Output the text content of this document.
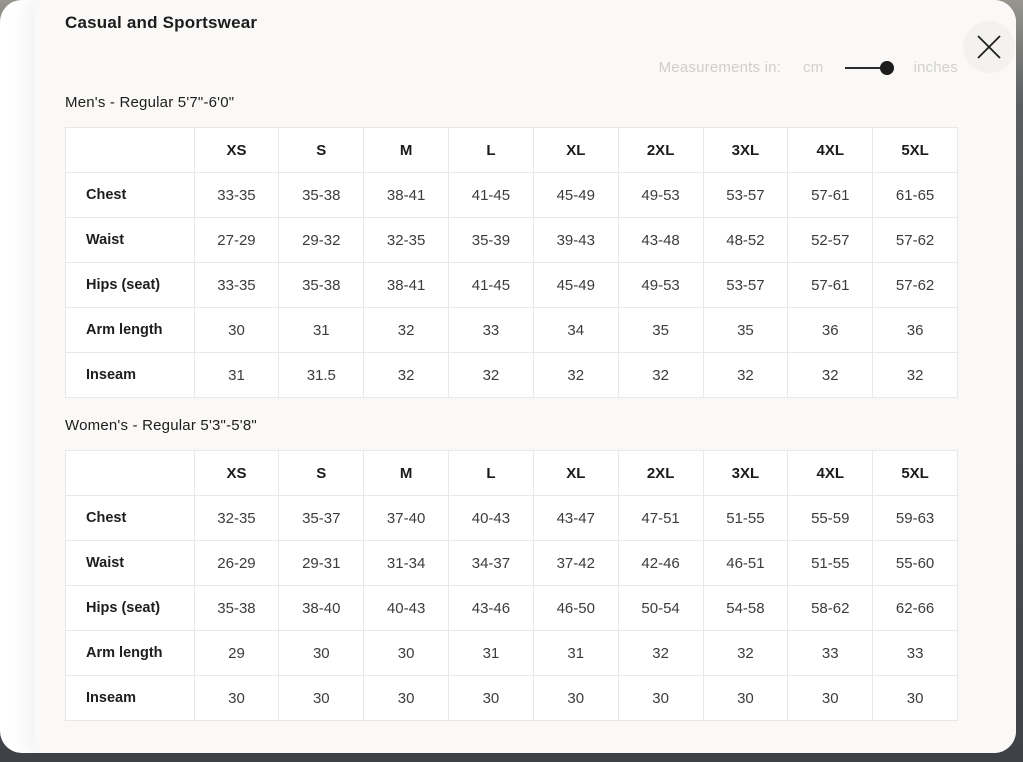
Casual and Sportswear
Measurements in: cm	inches
Men's - Regular 5'7"-6'0"
	XS	S	M	L	XL	2XL	3XL	4XL	5XL
Chest	33-35	35-38	38-41	41-45	45-49	49-53	53-57	57-61	61-65
Waist	27-29	29-32	32-35	35-39	39-43	43-48	48-52	52-57	57-62
Hips (seat)	33-35	35-38	38-41	41-45	45-49	49-53	53-57	57-61	57-62
Arm length	30	31	32	33	34	35	35	36	36
Inseam	31	31.5	32	32	32	32	32	32	32
Women's - Regular 5'3"-5'8"
	XS	S	M	L	XL	2XL	3XL	4XL	5XL
Chest	32-35	35-37	37-40	40-43	43-47	47-51	51-55	55-59	59-63
Waist	26-29	29-31	31-34	34-37	37-42	42-46	46-51	51-55	55-60
Hips (seat)	35-38	38-40	40-43	43-46	46-50	50-54	54-58	58-62	62-66
Arm length	29	30	30	31	31	32	32	33	33
Inseam	30	30	30	30	30	30	30	30	30
